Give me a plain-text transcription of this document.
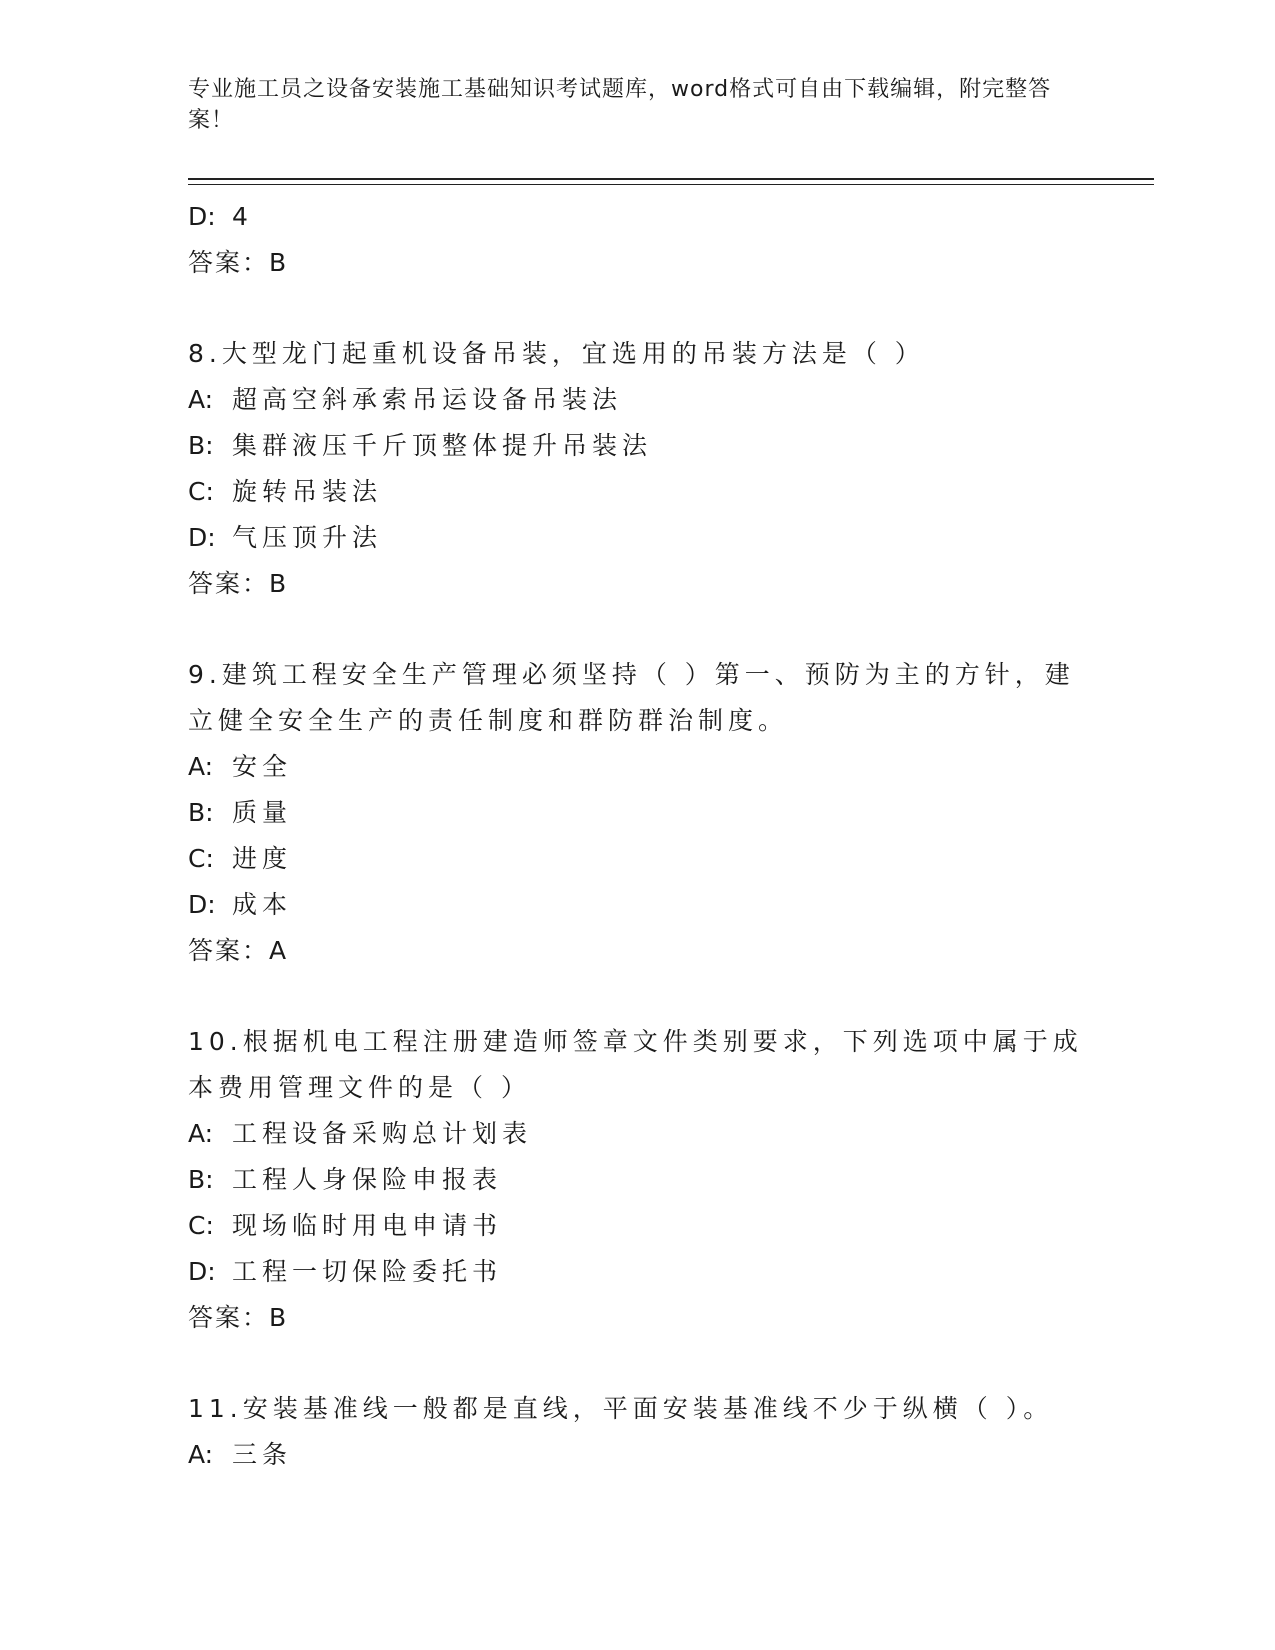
专业施工员之设备安装施工基础知识考试题库，word格式可自由下载编辑，附完整答案！
D: 4
答案：B
8.大型龙门起重机设备吊装，宜选用的吊装方法是（ ）
A: 超高空斜承索吊运设备吊装法
B: 集群液压千斤顶整体提升吊装法
C: 旋转吊装法
D: 气压顶升法
答案：B
9.建筑工程安全生产管理必须坚持（ ）第一、预防为主的方针，建立健全安全生产的责任制度和群防群治制度。
A: 安全
B: 质量
C: 进度
D: 成本
答案：A
10.根据机电工程注册建造师签章文件类别要求，下列选项中属于成本费用管理文件的是（ ）
A: 工程设备采购总计划表
B: 工程人身保险申报表
C: 现场临时用电申请书
D: 工程一切保险委托书
答案：B
11.安装基准线一般都是直线，平面安装基准线不少于纵横（ ）。
A: 三条
